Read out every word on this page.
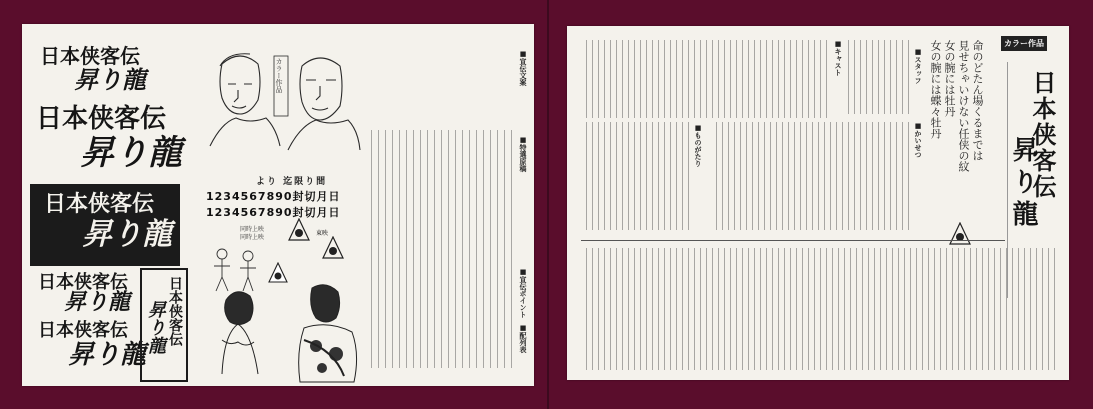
日本侠客伝
昇り龍
日本侠客伝
昇り龍
日本侠客伝
昇り龍
日本侠客伝
昇り龍
日本侠客伝
昇り龍
日本侠客伝
昇り龍
カラー作品
より 迄限り間
1234567890封切月日
1234567890封切月日
同時上映
同時上映
東映
■宣伝文案
■特選原稿
■宣伝ポイント
■配列表
カラー作品
日本侠客伝
昇り龍
命のどたん場くるまでは
見せちゃいけない任侠の紋
女の腕には牡丹
女の腕には蝶々牡丹
■スタッフ
■キャスト
■かいせつ
■ものがたり
